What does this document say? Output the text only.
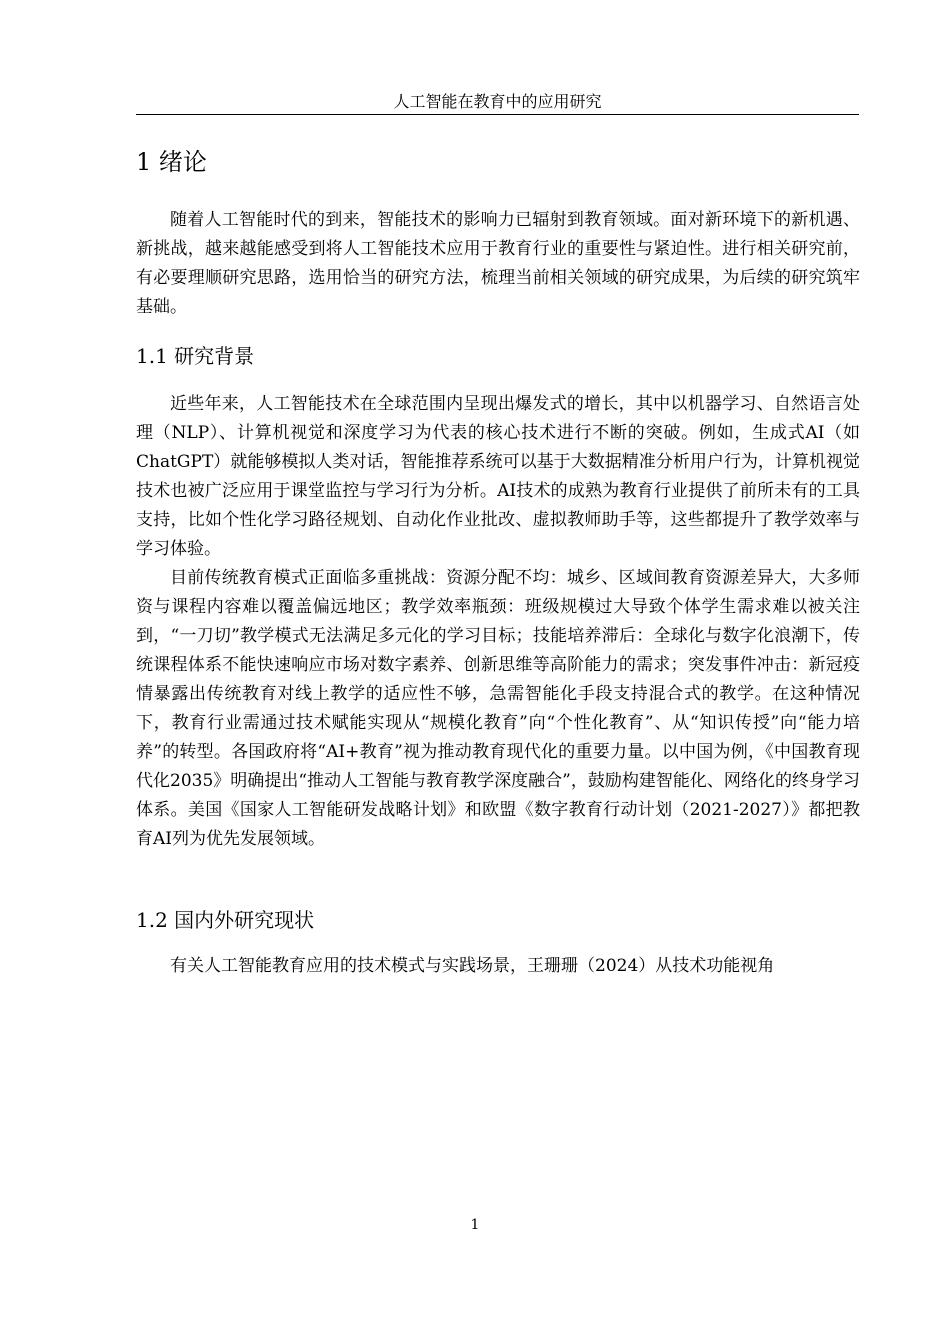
人工智能在教育中的应用研究
1 绪论

随着人工智能时代的到来，智能技术的影响力已辐射到教育领域。面对新环境下的新机遇、新挑战，越来越能感受到将人工智能技术应用于教育行业的重要性与紧迫性。进行相关研究前，有必要理顺研究思路，选用恰当的研究方法，梳理当前相关领域的研究成果，为后续的研究筑牢基础。

1.1 研究背景

近些年来，人工智能技术在全球范围内呈现出爆发式的增长，其中以机器学习、自然语言处理（NLP）、计算机视觉和深度学习为代表的核心技术进行不断的突破。例如，生成式AI（如ChatGPT）就能够模拟人类对话，智能推荐系统可以基于大数据精准分析用户行为，计算机视觉技术也被广泛应用于课堂监控与学习行为分析。AI技术的成熟为教育行业提供了前所未有的工具支持，比如个性化学习路径规划、自动化作业批改、虚拟教师助手等，这些都提升了教学效率与学习体验。

目前传统教育模式正面临多重挑战：资源分配不均：城乡、区域间教育资源差异大，大多师资与课程内容难以覆盖偏远地区；教学效率瓶颈：班级规模过大导致个体学生需求难以被关注到，“一刀切”教学模式无法满足多元化的学习目标；技能培养滞后：全球化与数字化浪潮下，传统课程体系不能快速响应市场对数字素养、创新思维等高阶能力的需求；突发事件冲击：新冠疫情暴露出传统教育对线上教学的适应性不够，急需智能化手段支持混合式的教学。在这种情况下，教育行业需通过技术赋能实现从“规模化教育”向“个性化教育”、从“知识传授”向“能力培养”的转型。各国政府将“AI+教育”视为推动教育现代化的重要力量。以中国为例，《中国教育现代化2035》明确提出“推动人工智能与教育教学深度融合”，鼓励构建智能化、网络化的终身学习体系。美国《国家人工智能研发战略计划》和欧盟《数字教育行动计划（2021-2027）》都把教育AI列为优先发展领域。

1.2 国内外研究现状

有关人工智能教育应用的技术模式与实践场景，王珊珊（2024）从技术功能视角

1
